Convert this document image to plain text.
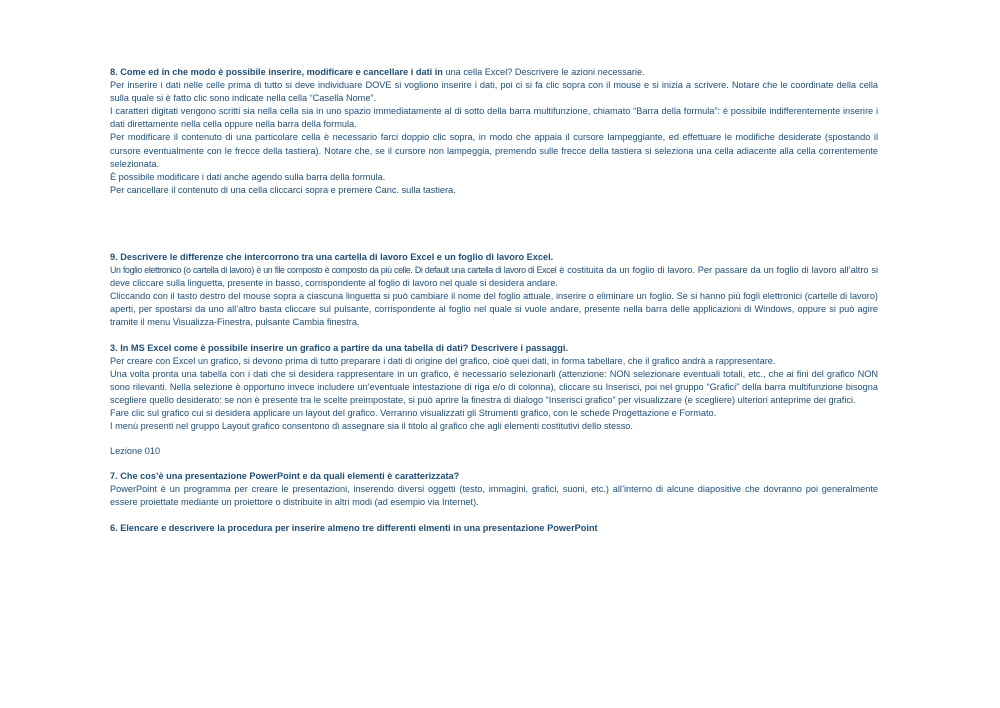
8. Come ed in che modo è possibile inserire, modificare e cancellare i dati in una cella Excel? Descrivere le azioni necessarie.

Per inserire i dati nelle celle prima di tutto si deve individuare DOVE si vogliono inserire i dati, poi ci si fa clic sopra con il mouse e si inizia a scrivere. Notare che le coordinate della cella sulla quale si è fatto clic sono indicate nella cella “Casella Nome”.

I caratteri digitati vengono scritti sia nella cella sia in uno spazio immediatamente al di sotto della barra multifunzione, chiamato “Barra della formula”: è possibile indifferentemente inserire i dati direttamente nella cella oppure nella barra della formula.

Per modificare il contenuto di una particolare cella è necessario farci doppio clic sopra, in modo che appaia il cursore lampeggiante, ed effettuare le modifiche desiderate (spostando il cursore eventualmente con le frecce della tastiera). Notare che, se il cursore non lampeggia, premendo sulle frecce della tastiera si seleziona una cella adiacente alla cella correntemente selezionata.

È possibile modificare i dati anche agendo sulla barra della formula.

Per cancellare il contenuto di una cella cliccarci sopra e premere Canc. sulla tastiera.

9. Descrivere le differenze che intercorrono tra una cartella di lavoro Excel e un foglio di lavoro Excel.

Un foglio elettronico (o cartella di lavoro) è un file composto è composto da più celle. Di default una cartella di lavoro di Excel è costituita da un foglio di lavoro. Per passare da un foglio di lavoro all’altro si deve cliccare sulla linguetta, presente in basso, corrispondente al foglio di lavoro nel quale si desidera andare.

Cliccando con il tasto destro del mouse sopra a ciascuna linguetta si può cambiare il nome del foglio attuale, inserire o eliminare un foglio. Se si hanno più fogli elettronici (cartelle di lavoro) aperti, per spostarsi da uno all’altro basta cliccare sul pulsante, corrispondente al foglio nel quale si vuole andare, presente nella barra delle applicazioni di Windows, oppure si può agire tramite il menu Visualizza-Finestra, pulsante Cambia finestra.

3. In MS Excel come è possibile inserire un grafico a partire da una tabella di dati? Descrivere i passaggi.

Per creare con Excel un grafico, si devono prima di tutto preparare i dati di origine del grafico, cioè quei dati, in forma tabellare, che il grafico andrà a rappresentare.

Una volta pronta una tabella con i dati che si desidera rappresentare in un grafico, è necessario selezionarli (attenzione: NON selezionare eventuali totali, etc., che ai fini del grafico NON sono rilevanti. Nella selezione è opportuno invece includere un’eventuale intestazione di riga e/o di colonna), cliccare su Inserisci, poi nel gruppo “Grafici” della barra multifunzione bisogna scegliere quello desiderato: se non è presente tra le scelte preimpostate, si può aprire la finestra di dialogo “Inserisci grafico” per visualizzare (e scegliere) ulteriori anteprime dei grafici.

Fare clic sul grafico cui si desidera applicare un layout del grafico. Verranno visualizzati gli Strumenti grafico, con le schede Progettazione e Formato.

I menù presenti nel gruppo Layout grafico consentono di assegnare sia il titolo al grafico che agli elementi costitutivi dello stesso.

Lezione 010

7. Che cos’è una presentazione PowerPoint e da quali elementi è caratterizzata?

PowerPoint è un programma per creare le presentazioni, inserendo diversi oggetti (testo, immagini, grafici, suoni, etc.) all’interno di alcune diapositive che dovranno poi generalmente essere proiettate mediante un proiettore o distribuite in altri modi (ad esempio via Internet).

6. Elencare e descrivere la procedura per inserire almeno tre differenti elmenti in una presentazione PowerPoint
